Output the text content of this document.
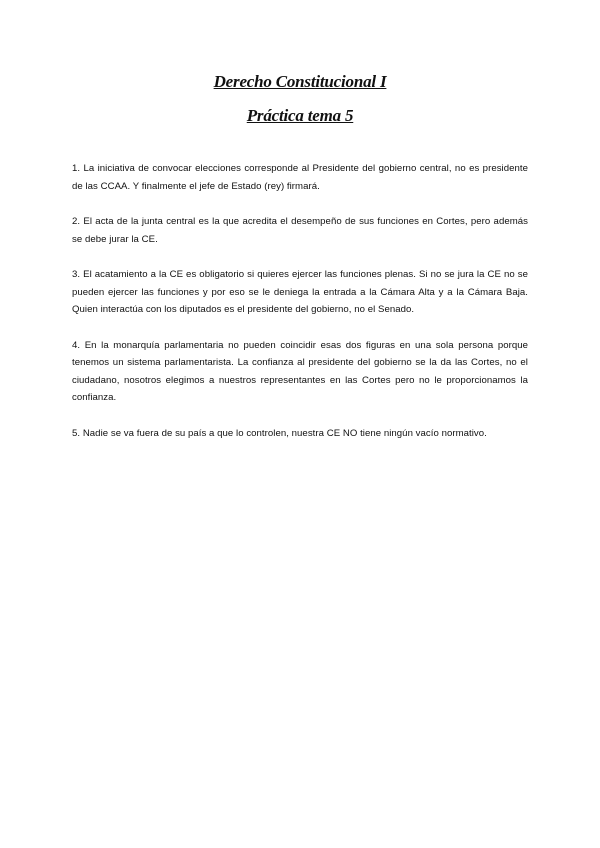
Derecho Constitucional I
Práctica tema 5

1. La iniciativa de convocar elecciones corresponde al Presidente del gobierno central, no es presidente de las CCAA. Y finalmente el jefe de Estado (rey) firmará.

2. El acta de la junta central es la que acredita el desempeño de sus funciones en Cortes, pero además se debe jurar la CE.

3. El acatamiento a la CE es obligatorio si quieres ejercer las funciones plenas. Si no se jura la CE no se pueden ejercer las funciones y por eso se le deniega la entrada a la Cámara Alta y a la Cámara Baja. Quien interactúa con los diputados es el presidente del gobierno, no el Senado.

4. En la monarquía parlamentaria no pueden coincidir esas dos figuras en una sola persona porque tenemos un sistema parlamentarista. La confianza al presidente del gobierno se la da las Cortes, no el ciudadano, nosotros elegimos a nuestros representantes en las Cortes pero no le proporcionamos la confianza.

5. Nadie se va fuera de su país a que lo controlen, nuestra CE NO tiene ningún vacío normativo.
